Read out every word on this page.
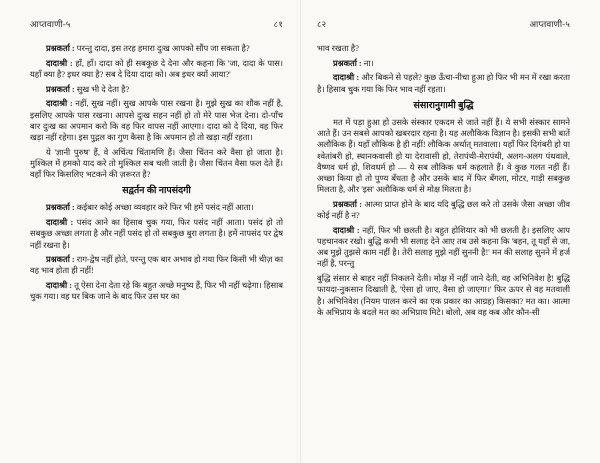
आप्तवाणी-५	८१

प्रश्नकर्ता : परन्तु दादा, इस तरह हमारा दुःख आपको सौंप जा सकता है?

दादाश्री : हाँ, हाँ। दादा को ही सबकुछ दे देना और कहना कि 'जा, दादा के पास। यहाँ क्या है? इधर क्या है? सब दे दिया दादा को। अब इधर क्यों आया?'

प्रश्नकर्ता : सुख भी दे देता है?

दादाश्री : नहीं, सुख नहीं। सुख आपके पास रखना है। मुझे सुख का शौक नहीं है, इसलिए आपके पास रखना। आपसे दुःख सहन नहीं हो तो मेरे पास भेज देना। दो-पाँच बार दुःख का अपमान करो कि वह फिर वापस नहीं आएगा। दादा को दे दिया, वह फिर खड़ा नहीं रहेगा। इस पुद्गल का गुण कैसा है कि अपमान हो तो खड़ा नहीं रहता।

ये 'ज्ञानी पुरुष' हैं, वे अचिंत्य चिंतामणि हैं। जैसा चिंतन करे वैसा हो जाता है। मुश्किल में हमको याद करे तो मुश्किल सब चली जाती है। जैसा चिंतन वैसा फल देते हैं। वहाँ फिर किसलिए भटकने की ज़रूरत है?

सद्वर्तन की नापसंदगी

प्रश्नकर्ता : कईबार कोई अच्छा व्यवहार करे फिर भी हमें पसंद नहीं आता।

दादाश्री : पसंद आने का हिसाब चुक गया, फिर पसंद नहीं आता। पसंद हो तो सबकुछ अच्छा लगता है और नहीं पसंद हो तो सबकुछ बुरा लगता है। हमें नापसंद पर द्वेष नहीं रखना है।

प्रश्नकर्ता : राग-द्वेष नहीं होते, परन्तु एक बार अभाव हो गया फिर किसी भी चीज़ का वह भाव होता ही नहीं!

दादाश्री : तू ऐसा देना देता रहे कि बहुत अच्छे मनुष्य हैं, फिर भी नहीं चढ़ेगा। हिसाब चुक गया। वह घर बिक जाने के बाद फिर उस घर का

८२	आप्तवाणी-५

भाव रखता है?

प्रश्नकर्ता : ना।

दादाश्री : और बिकने से पहले? कुछ ऊँचा-नीचा हुआ हो फिर भी मन में रखा करता है। हिसाब चुक गया कि फिर भाव नहीं रहता।

संसारानुगामी बुद्धि

मत में पड़ा हुआ हो उसके संस्कार एकदम से जाते नहीं हैं। ये सभी संस्कार सामने आते हैं। उन सबसे आपको खबरदार रहना है। यह अलौकिक विज्ञान है। इसकी सभी बातें अलौकिक हैं। यहाँ लौकिक है ही नहीं! लौकिक अर्थात् मतवाला। यहाँ फिर दिगंबरी हो या श्वेतांबरी हो, स्थानकवासी हो या देरावासी हो, तेरापंथी-मेरापंथी, अलग-अलग पंथवाले, वैष्णव धर्म हो, शिवधर्म हो — ये सब लौकिक धर्म कहलाते हैं। वे कुछ गलत नहीं हैं। अच्छा किया हो तो पुण्य बँधता है और उसके बाद में फिर बँगला, मोटर, गाड़ी सबकुछ मिलता है, और 'इस' अलौकिक धर्म से मोक्ष मिलता है।

प्रश्नकर्ता : आत्मा प्राप्त होने के बाद यदि बुद्धि छल करे तो उसके जैसा अच्छा जीव कोई नहीं है न?

दादाश्री : नहीं, फिर भी छलती है। बहुत होशियार को भी छलती है। इसलिए आप पहचानकर रखो। बुद्धि कभी भी सलाह देने आए तब उसे कहना कि 'बहन, तू यहाँ से जा, अब मुझे तुझसे काम नहीं है। तेरी सलाह मुझे नहीं सुननी है!' मन की सलाह सुनने में हर्ज नहीं है, परन्तु

बुद्धि संसार से बाहर नहीं निकलने देती। मोक्ष में नहीं जाने देती, वह अभिनिवेश है! बुद्धि फायदा-नुकसान दिखाती है, 'ऐसा हो जाए, वैसा हो जाएगा।' फिर ऊपर से वह मतवाली है। अभिनिवेश (नियम पालन करने का एक प्रकार का आग्रह) किसका? मत का। आत्मा के अभिप्राय के बदले मत का अभिप्राय मिटे। बोलो, अब वह कब और कौन-सी
